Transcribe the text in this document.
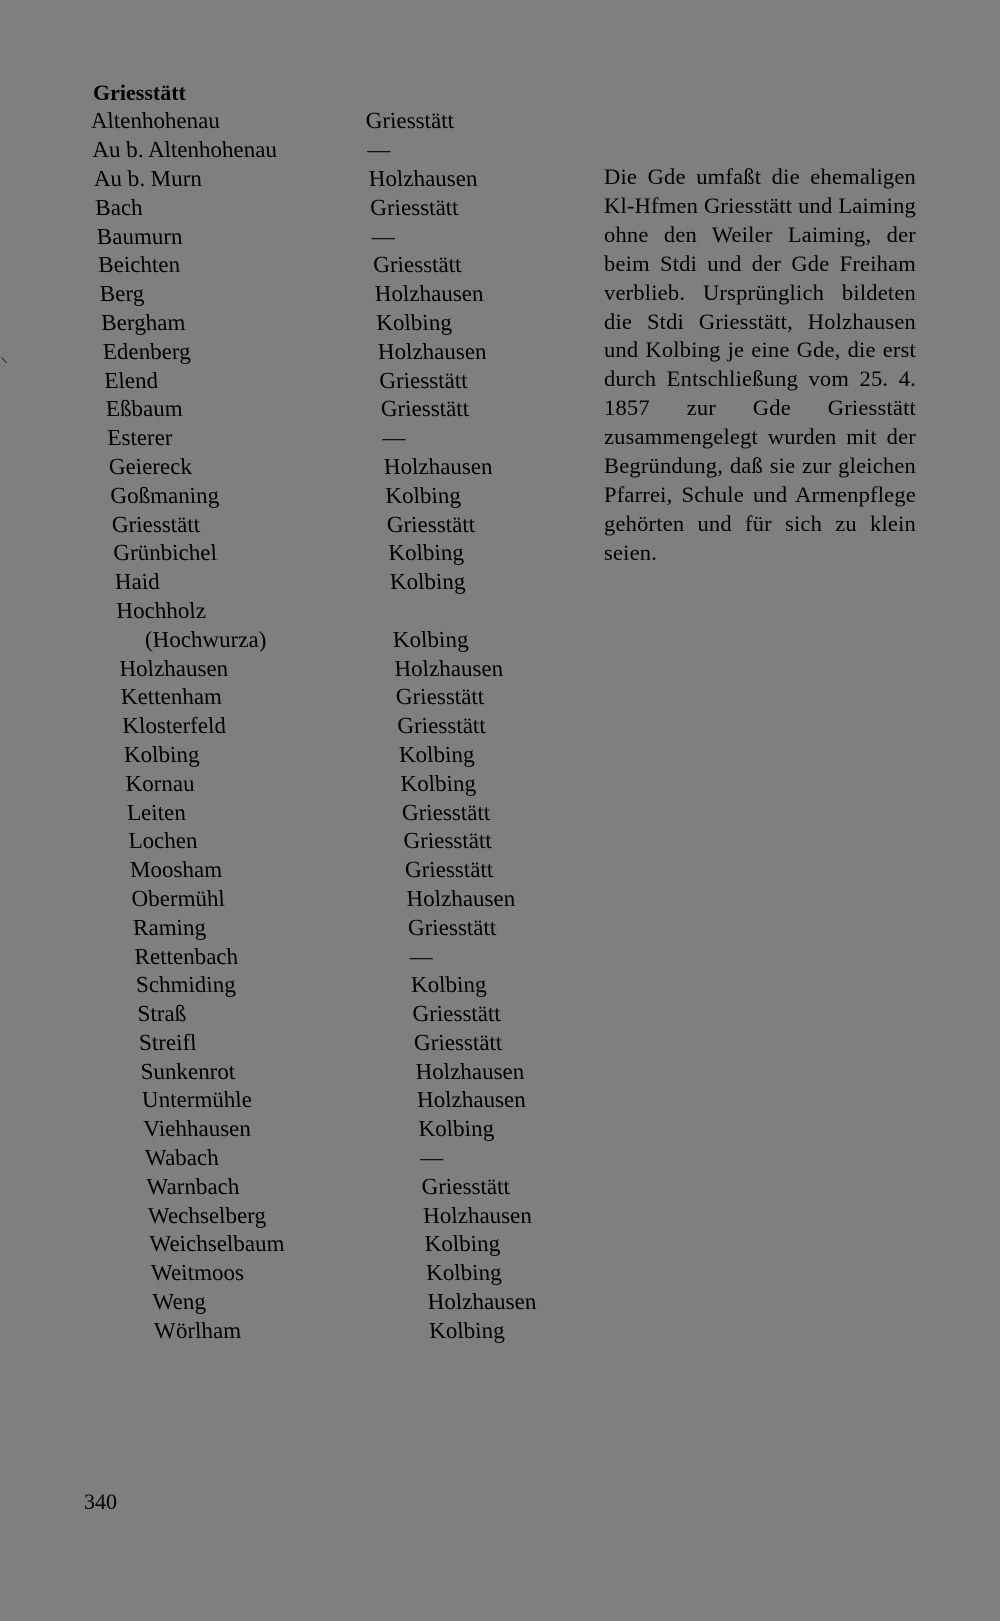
Griesstätt
Altenhohenau	Griesstätt
Au b. Altenhohenau	—
Au b. Murn	Holzhausen
Bach	Griesstätt
Baumurn	—
Beichten	Griesstätt
Berg	Holzhausen
Bergham	Kolbing
Edenberg	Holzhausen
Elend	Griesstätt
Eßbaum	Griesstätt
Esterer	—
Geiereck	Holzhausen
Goßmaning	Kolbing
Griesstätt	Griesstätt
Grünbichel	Kolbing
Haid	Kolbing
Hochholz
(Hochwurza)	Kolbing
Holzhausen	Holzhausen
Kettenham	Griesstätt
Klosterfeld	Griesstätt
Kolbing	Kolbing
Kornau	Kolbing
Leiten	Griesstätt
Lochen	Griesstätt
Moosham	Griesstätt
Obermühl	Holzhausen
Raming	Griesstätt
Rettenbach	—
Schmiding	Kolbing
Straß	Griesstätt
Streifl	Griesstätt
Sunkenrot	Holzhausen
Untermühle	Holzhausen
Viehhausen	Kolbing
Wabach	—
Warnbach	Griesstätt
Wechselberg	Holzhausen
Weichselbaum	Kolbing
Weitmoos	Kolbing
Weng	Holzhausen
Wörlham	Kolbing

Die Gde umfaßt die ehemaligen Kl-Hfmen Griesstätt und Laiming ohne den Weiler Laiming, der beim Stdi und der Gde Freiham verblieb. Ursprünglich bildeten die Stdi Griesstätt, Holzhausen und Kolbing je eine Gde, die erst durch Entschließung vom 25. 4. 1857 zur Gde Griesstätt zusammengelegt wurden mit der Begründung, daß sie zur gleichen Pfarrei, Schule und Armenpflege gehörten und für sich zu klein seien.

340
